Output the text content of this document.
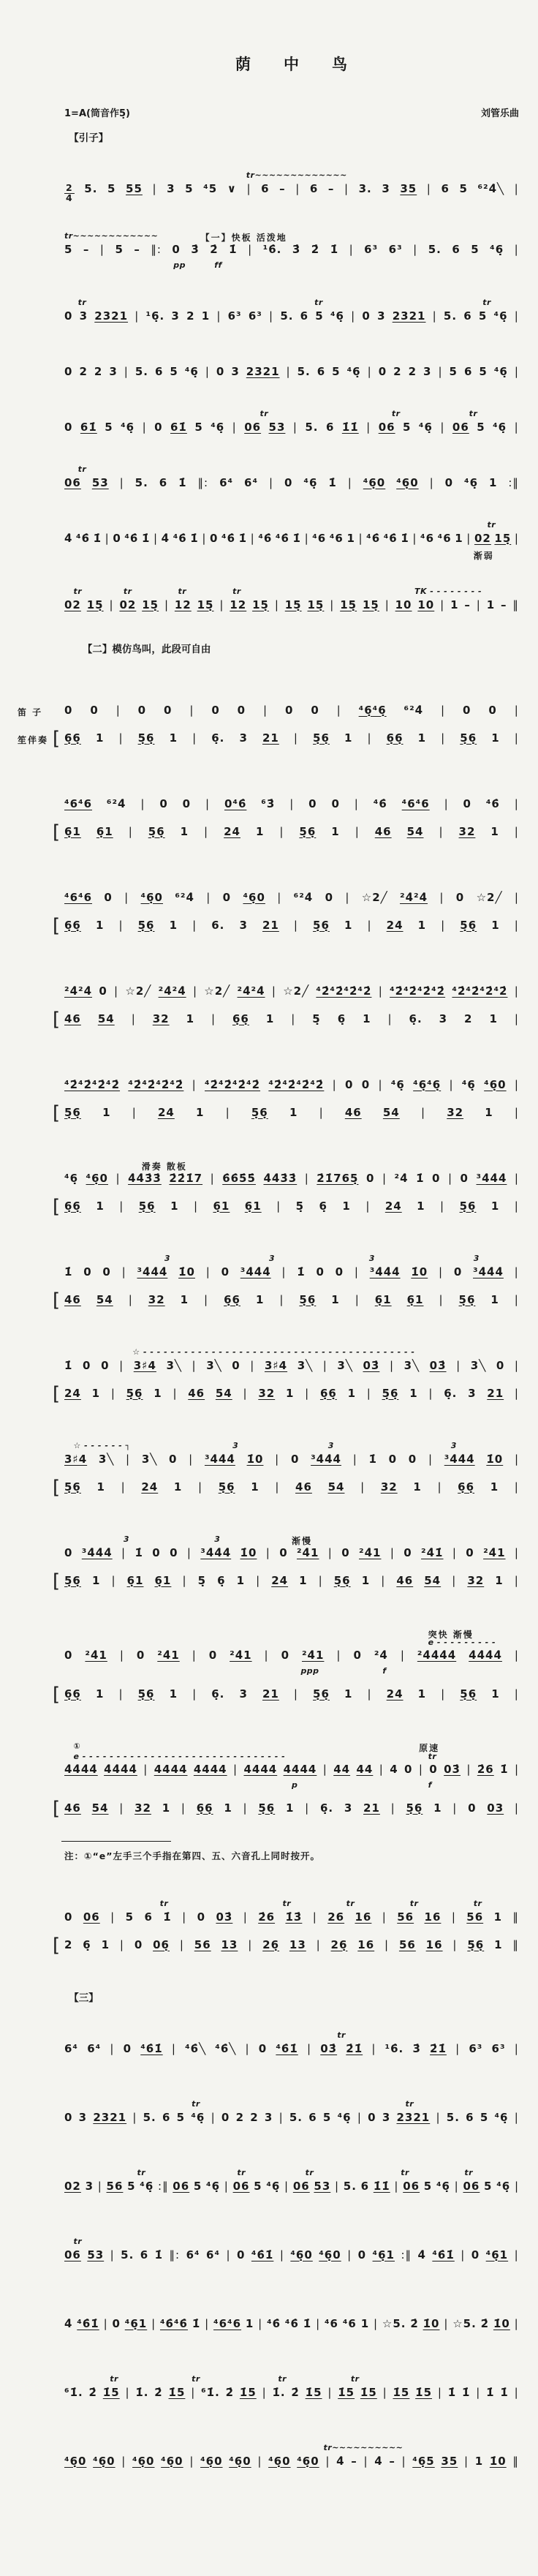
荫　　中　　鸟
1=A(筒音作5̣)	刘管乐曲
【引子】
tr~~~~~~~~~~~~~
$\frac{2}{4} 5$. 5 55 | 3 5 ⁴5 ∨ | 6 – | 6 – | 3. 3 35 | 6 5 ⁶²4̇╲ |
tr~~~~~~~~~~~~	【一】快板 活泼地
5 – | 5 – ‖: 0 3̇ 2̇ 1̇ | ¹6̇. 3̇ 2̇ 1̇ | 6³ 6³ | 5. 6 5 ⁴6̣ |
pp	ff
tr	tr	tr
0 3 2321 | ¹6̣. 3 2 1 | 6³ 6³ | 5. 6 5 ⁴6̣ | 0 3 2321 | 5. 6 5 ⁴6̣ |
0 2 2 3 | 5. 6 5 ⁴6̣ | 0 3 2321 | 5. 6 5 ⁴6̣ | 0 2 2 3 | 5 6 5 ⁴6̣ |
tr	tr	tr
0 61̇ 5 ⁴6̣ | 0 61̇ 5 ⁴6̣ | 06 53 | 5. 6 1̇1̇ | 06 5 ⁴6̣ | 06 5 ⁴6̣ |
tr
06 53 | 5. 6 1̇ ‖: 6⁴ 6⁴ | 0 ⁴6̣ 1̇ | ⁴6̣0 ⁴6̣0 | 0 ⁴6̣ 1 :‖
tr
4̇ ⁴6̇ 1̇ | 0 ⁴6̇ 1̇ | 4̇ ⁴6̇ 1̇ | 0 ⁴6̇ 1̇ | ⁴6̇ ⁴6̇ 1̇ | ⁴6 ⁴6 1 | ⁴6̇ ⁴6̇ 1̇ | ⁴6 ⁴6 1 | 02 15̣ |
渐弱
tr	tr	tr	tr	TK - - - - - - - -
02 15̣ | 02 15̣ | 12 15̣ | 12 15̣ | 15̣ 15̣ | 15̣ 15̣ | 10 10 | 1 – | 1 – ‖
【二】模仿鸟叫，此段可自由
笛 子 0 0 | 0 0 | 0 0 | 0 0 | ⁴6̣⁴6̣ ⁶²4̇ | 0 0 |
[ 笙伴奏 6̣6̣ 1 | 5̣6̣ 1 | 6̣. 3 21 | 5̣6̣ 1 | 6̣6̣ 1 | 5̣6̣ 1 |
⁴6⁴6 ⁶²4̇ | 0 0 | 0⁴6̇ ⁶3̇ | 0 0 | ⁴6̇ ⁴6⁴6 | 0 ⁴6̇ |
[ 6̣1 6̣1 | 5̣6̣ 1 | 24 1 | 5̣6̣ 1 | 46 54 | 32 1 |
⁴6⁴6 0 | ⁴6̣0 ⁶²4̇ | 0 ⁴6̣0 | ⁶²4̇ 0 | ☆2╱ ²4̇²4̇ | 0 ☆2╱ |
[ 6̣6̣ 1 | 5̣6̣ 1 | 6. 3 21 | 5̣6̣ 1 | 24 1 | 5̣6̣ 1 |
²4̇²4̇ 0 | ☆2╱ ²4̇²4̇ | ☆2╱ ²4̇²4̇ | ☆2╱ ⁴2̇⁴2̇⁴2̇⁴2̇ | ⁴2̇⁴2̇⁴2̇⁴2̇ ⁴2̇⁴2̇⁴2̇⁴2̇ |
[ 46 54 | 32 1 | 6̣6̣ 1 | 5̣ 6̣ 1 | 6̣. 3 2 1 |
⁴2̇⁴2̇⁴2̇⁴2̇ ⁴2̇⁴2̇⁴2̇⁴2̇ | ⁴2̇⁴2̇⁴2̇⁴2̇ ⁴2̇⁴2̇⁴2̇⁴2̇ | 0 0 | ⁴6̣ ⁴6̣⁴6̣ | ⁴6̣ ⁴6̣0 |
[ 5̣6̣ 1 | 24 1 | 5̣6̣ 1 | 46 54 | 32 1 |
滑奏 散板
⁴6̣ ⁴6̣0 | 4̇4̇3̇3̇ 2̇2̇1̇7 | 6̇6̇5̇5̇ 4̇4̇3̇3̇ | 2̇1̇765̣ 0 | ²4̇ 1̇ 0 | 0 ³4̇4̇4̇ |
[ 6̣6̣ 1 | 5̣6̣ 1 | 6̣1 6̣1 | 5̣ 6̣ 1 | 24 1 | 5̣6̣ 1 |
3	3	3	3
1̇ 0 0 | ³4̇4̇4̇ 1̇0 | 0 ³4̇4̇4̇ | 1̇ 0 0 | ³4̇4̇4̇ 1̇0 | 0 ³4̇4̇4̇ |
[ 46 54 | 32 1 | 6̣6̣ 1 | 5̣6̣ 1 | 6̣1 6̣1 | 5̣6̣ 1 |
☆ - - - - - - - - - - - - - - - - - - - - - - - - - - - - - - - - - - - - - - - -
1̇ 0 0 | 3♯4 3╲ | 3╲ 0 | 3♯4 3╲ | 3╲ 03̇ | 3╲ 03̇ | 3╲ 0 |
[ 24 1 | 5̣6̣ 1 | 46 54 | 32 1 | 6̣6̣ 1 | 5̣6̣ 1 | 6̣. 3 21 |
☆ - - - - - - ┐	3	3	3
3♯4 3╲ | 3╲ 0 | ³4̇4̇4̇ 1̇0 | 0 ³4̇4̇4̇ | 1̇ 0 0 | ³4̇4̇4̇ 1̇0 |
[ 5̣6̣ 1 | 24 1 | 5̣6̣ 1 | 46 54 | 32 1 | 6̣6̣ 1 |
3	3	渐慢
0 ³4̇4̇4̇ | 1̇ 0 0 | ³4̇4̇4̇ 1̇0 | 0 ²4̇1 | 0 ²4̇1 | 0 ²4̇1̇ | 0 ²4̇1 |
[ 5̣6̣ 1 | 6̣1 6̣1 | 5̣ 6̣ 1 | 24 1 | 5̣6̣ 1 | 46 54 | 32 1 |
突快 渐慢
e - - - - - - - - -
0 ²4̇1 | 0 ²4̇1 | 0 ²4̇1 | 0 ²4̇1 | 0 ²4̇ | ²4̇4̇4̇4̇ 4̇4̇4̇4̇ |
ppp	f
[ 6̣6̣ 1 | 5̣6̣ 1 | 6̣. 3 21 | 5̣6̣ 1 | 24 1 | 5̣6̣ 1 |
①
e - - - - - - - - - - - - - - - - - - - - - - - - - - - - - -
原速
tr
4̇4̇4̇4̇ 4̇4̇4̇4̇ | 4444 4444 | 4444 4444 | 44 44 | 4 0 | 0 03̇ | 2̇6 1̇ |
p	f
[ 46 54 | 32 1 | 6̣6̣ 1 | 5̣6̣ 1 | 6̣. 3 21 | 5̣6̣ 1 | 0 03 |
注：①“e”左手三个手指在第四、五、六音孔上同时按开。
tr	tr	tr	tr	tr
0 06 | 5 6 1̇ | 0 03̇ | 2̇6 1̇3̇ | 26 16 | 56 16 | 56 1 ‖
[ 2 6̣ 1 | 0 06̣ | 56 13 | 26̣ 13 | 26̣ 16 | 56 16 | 5̣6̣ 1 ‖
【三】
tr
6⁴ 6⁴ | 0 ⁴6̇1̇ | ⁴6̇╲ ⁴6̇╲ | 0 ⁴6̇1̇ | 03̇ 2̇1̇ | ¹6̇. 3̇ 2̇1̇ | 6³ 6³ |
tr	tr
0 3 2321 | 5. 6 5 ⁴6̣ | 0 2 2 3 | 5. 6 5 ⁴6̣ | 0 3 2321 | 5. 6 5 ⁴6̣ |
tr	tr	tr	tr	tr
02 3 | 56 5 ⁴6̣ :‖ 06 5 ⁴6̣ | 06 5 ⁴6̣ | 06 53 | 5. 6 1̇1̇ | 06 5 ⁴6̣ | 06 5 ⁴6̣ |
tr
06 53 | 5. 6 1̇ ‖: 6⁴ 6⁴ | 0 ⁴6̇1̇ | ⁴6̣0 ⁴6̣0 | 0 ⁴6̣1 :‖ 4̇ ⁴6̇1̇ | 0 ⁴6̣1 |
4̇ ⁴6̇1̇ | 0 ⁴6̣1 | ⁴6̇⁴6̇ 1̇ | ⁴6⁴6 1 | ⁴6̇ ⁴6̇ 1̇ | ⁴6 ⁴6 1 | ☆5. 2̇ 1̇0 | ☆5. 2̇ 1̇0 |
tr	tr	tr	tr
⁶1̇. 2̇ 1̇5 | 1̇. 2̇ 1̇5 | ⁶1̇. 2̇ 1̇5 | 1̇. 2̇ 1̇5 | 1̇5 1̇5 | 1̇5 1̇5 | 1̇ 1̇ | 1̇ 1̇ |
tr~~~~~~~~~~
⁴6̣0 ⁴6̣0 | ⁴6̣0 ⁴6̣0 | ⁴6̣0 ⁴6̣0 | ⁴6̣0 ⁴6̣0 | 4̇ – | 4̇ – | ⁴6̣5 35 | 1 1̇0 ‖
